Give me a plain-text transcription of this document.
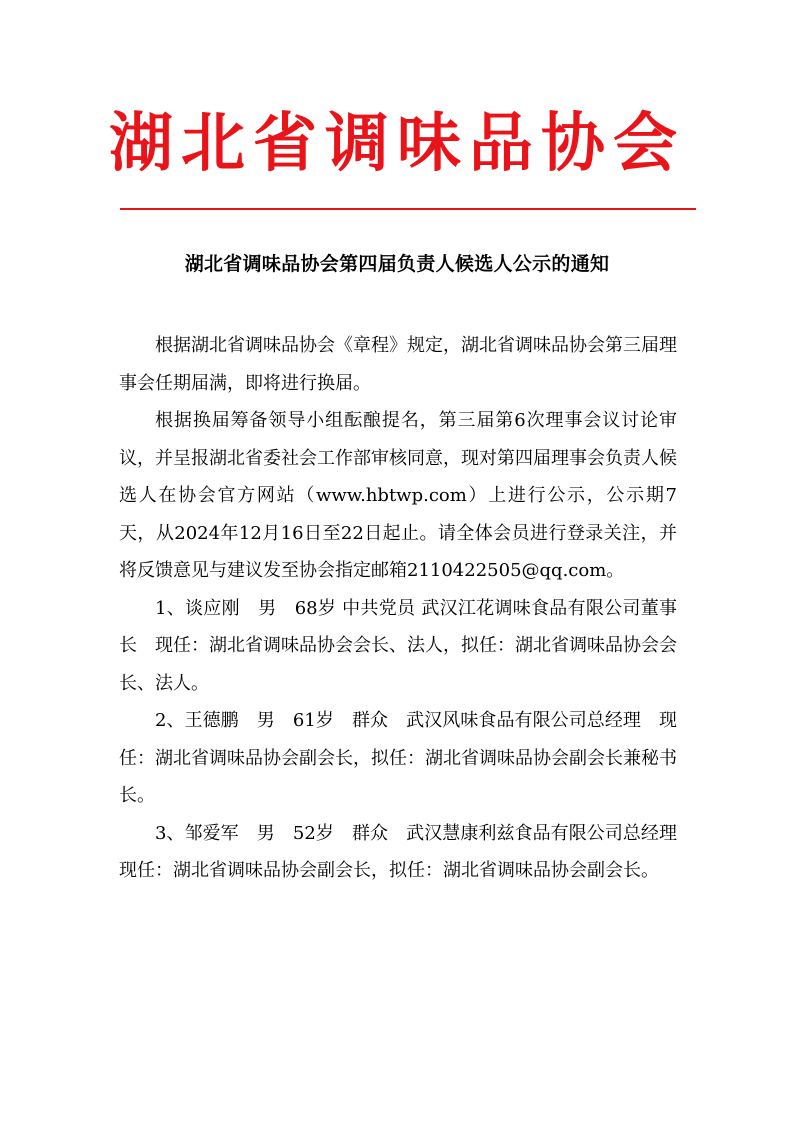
湖北省调味品协会
湖北省调味品协会第四届负责人候选人公示的通知

根据湖北省调味品协会《章程》规定，湖北省调味品协会第三届理事会任期届满，即将进行换届。

根据换届筹备领导小组酝酿提名，第三届第6次理事会议讨论审议，并呈报湖北省委社会工作部审核同意，现对第四届理事会负责人候选人在协会官方网站（www.hbtwp.com）上进行公示，公示期7天，从2024年12月16日至22日起止。请全体会员进行登录关注，并将反馈意见与建议发至协会指定邮箱2110422505@qq.com。

1、谈应刚　男　68岁 中共党员 武汉江花调味食品有限公司董事长　现任：湖北省调味品协会会长、法人，拟任：湖北省调味品协会会长、法人。

2、王德鹏　男　61岁　群众　武汉风味食品有限公司总经理　现任：湖北省调味品协会副会长，拟任：湖北省调味品协会副会长兼秘书长。

3、邹爱军　男　52岁　群众　武汉慧康利兹食品有限公司总经理　现任：湖北省调味品协会副会长，拟任：湖北省调味品协会副会长。
